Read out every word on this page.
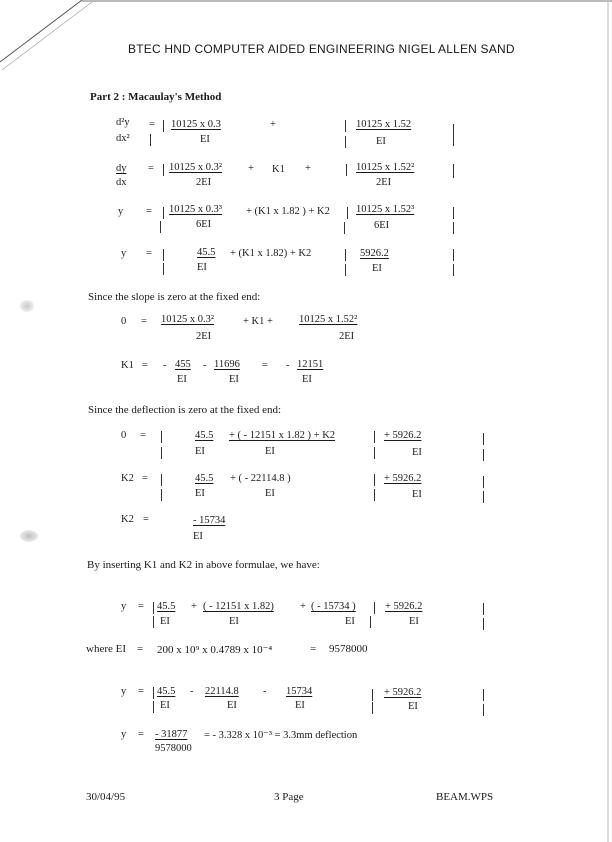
BTEC HND COMPUTER AIDED ENGINEERING NIGEL ALLEN SAND
Part 2 : Macaulay's Method
d²y
dx²
= 10125 x 0.3
EI
+	10125 x 1.52
EI
dy
dx
= 10125 x 0.3²
2EI
+ K1 +	10125 x 1.52²
2EI
y = 10125 x 0.3³
6EI
+ (K1 x 1.82 ) + K2 10125 x 1.52³
6EI
y =	45.5
EI
+ (K1 x 1.82) + K2	5926.2
EI
Since the slope is zero at the fixed end:
0 = 10125 x 0.3²
2EI
+ K1 + 10125 x 1.52²
2EI
K1 = - 455
EI
- 11696
EI
= - 12151
EI
Since the deflection is zero at the fixed end:
0 =	45.5
EI
+ ( - 12151 x 1.82 ) + K2
EI
+ 5926.2
EI
K2 =	45.5
EI
+ ( - 22114.8 )
EI
+ 5926.2
EI
K2 =	- 15734
EI
By inserting K1 and K2 in above formulae, we have:
y = 45.5
EI
+ ( - 12151 x 1.82)
EI
+ ( - 15734 )
EI
+ 5926.2
EI
where EI = 200 x 10⁹ x 0.4789 x 10⁻⁴	= 9578000
y = 45.5
EI
- 22114.8
EI
- 15734
EI
+ 5926.2
EI
y = - 31877
9578000
= - 3.328 x 10⁻³ = 3.3mm deflection
30/04/95	3 Page	BEAM.WPS
